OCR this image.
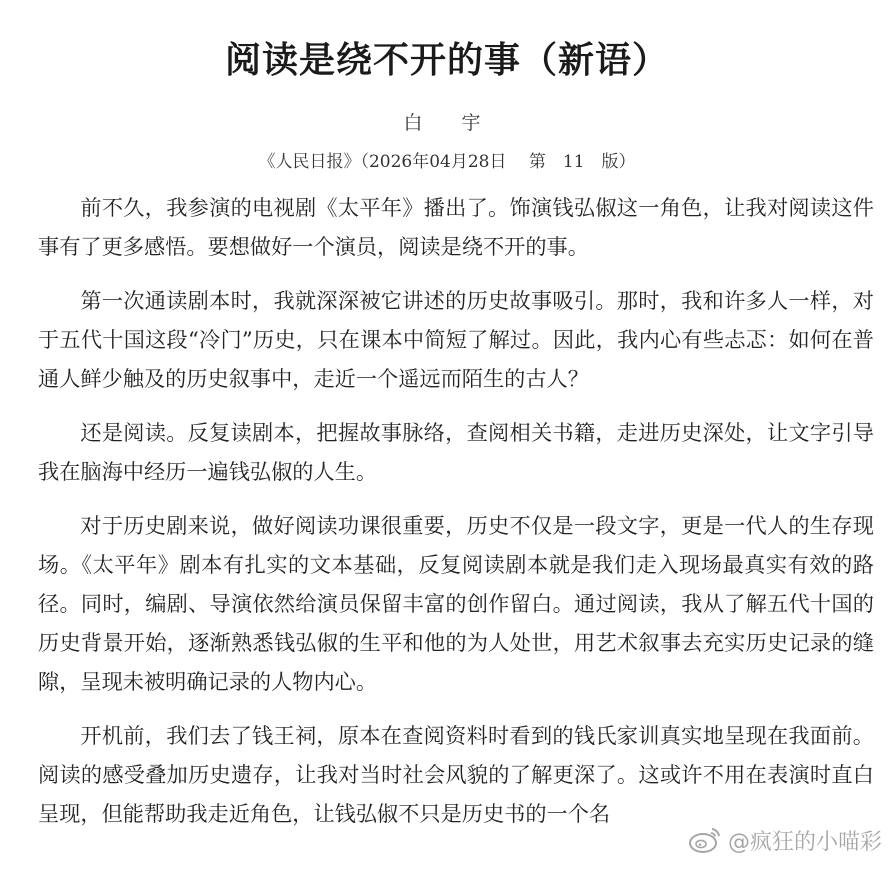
阅读是绕不开的事（新语）
白　宇
《人民日报》（2026年04月28日　 第　11　版）

前不久，我参演的电视剧《太平年》播出了。饰演钱弘俶这一角色，让我对阅读这件事有了更多感悟。要想做好一个演员，阅读是绕不开的事。

第一次通读剧本时，我就深深被它讲述的历史故事吸引。那时，我和许多人一样，对于五代十国这段“冷门”历史，只在课本中简短了解过。因此，我内心有些忐忑：如何在普通人鲜少触及的历史叙事中，走近一个遥远而陌生的古人？

还是阅读。反复读剧本，把握故事脉络，查阅相关书籍，走进历史深处，让文字引导我在脑海中经历一遍钱弘俶的人生。

对于历史剧来说，做好阅读功课很重要，历史不仅是一段文字，更是一代人的生存现场。《太平年》剧本有扎实的文本基础，反复阅读剧本就是我们走入现场最真实有效的路径。同时，编剧、导演依然给演员保留丰富的创作留白。通过阅读，我从了解五代十国的历史背景开始，逐渐熟悉钱弘俶的生平和他的为人处世，用艺术叙事去充实历史记录的缝隙，呈现未被明确记录的人物内心。

开机前，我们去了钱王祠，原本在查阅资料时看到的钱氏家训真实地呈现在我面前。阅读的感受叠加历史遗存，让我对当时社会风貌的了解更深了。这或许不用在表演时直白呈现，但能帮助我走近角色，让钱弘俶不只是历史书的一个名

@疯狂的小喵彩
